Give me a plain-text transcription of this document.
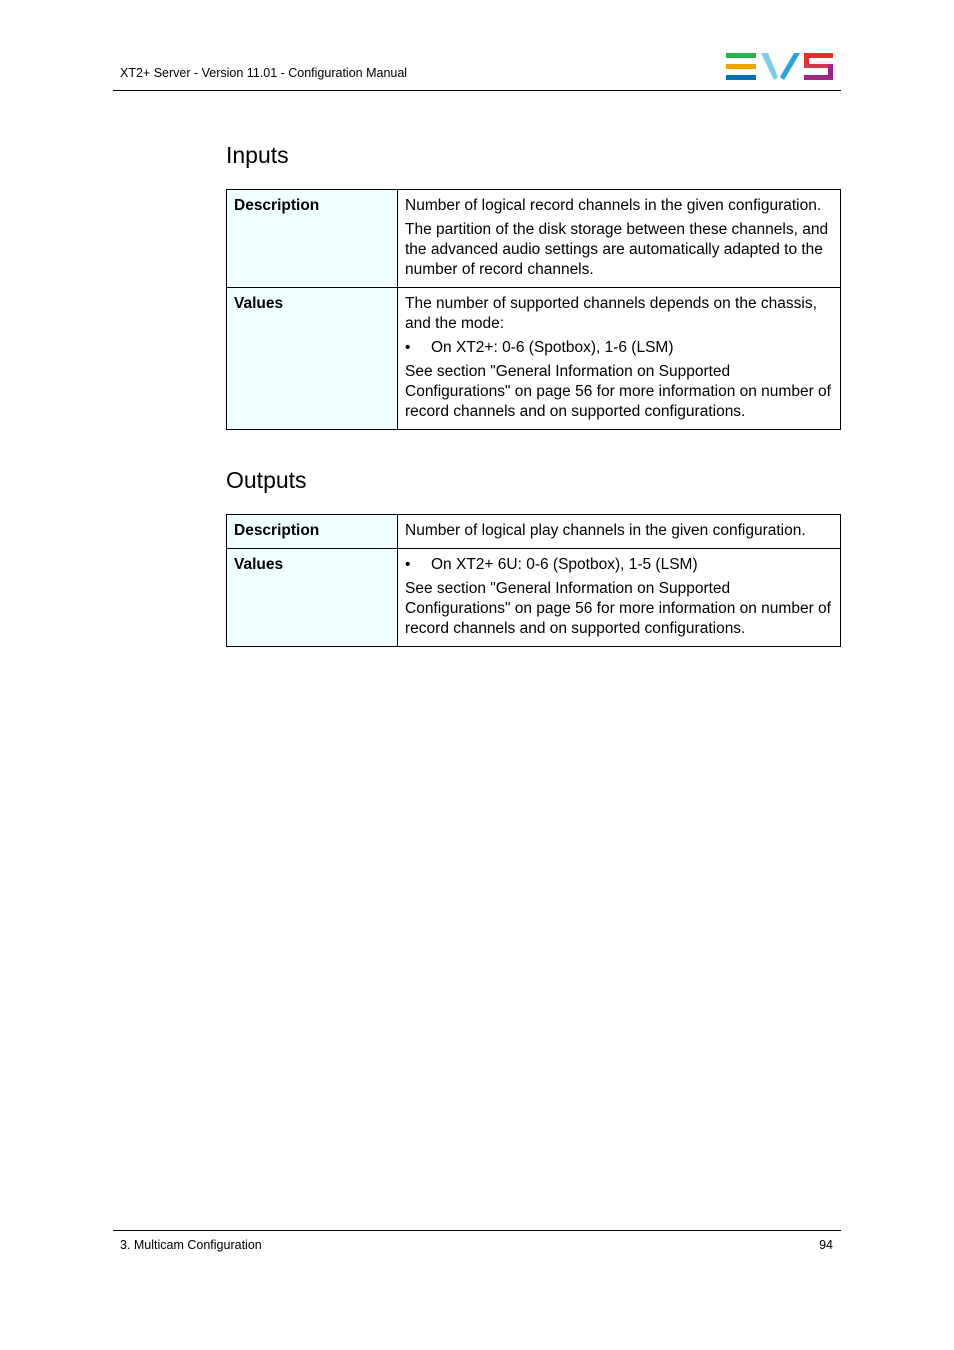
XT2+ Server - Version 11.01 - Configuration Manual
Inputs
Description	Number of logical record channels in the given configuration.

The partition of the disk storage between these channels, and the advanced audio settings are automatically adapted to the number of record channels.

Values	The number of supported channels depends on the chassis, and the mode:

• On XT2+: 0-6 (Spotbox), 1-6 (LSM)

See section "General Information on Supported Configurations" on page 56 for more information on number of record channels and on supported configurations.

Outputs
Description	Number of logical play channels in the given configuration.

Values	• On XT2+ 6U: 0-6 (Spotbox), 1-5 (LSM)

See section "General Information on Supported Configurations" on page 56 for more information on number of record channels and on supported configurations.

3. Multicam Configuration	94
